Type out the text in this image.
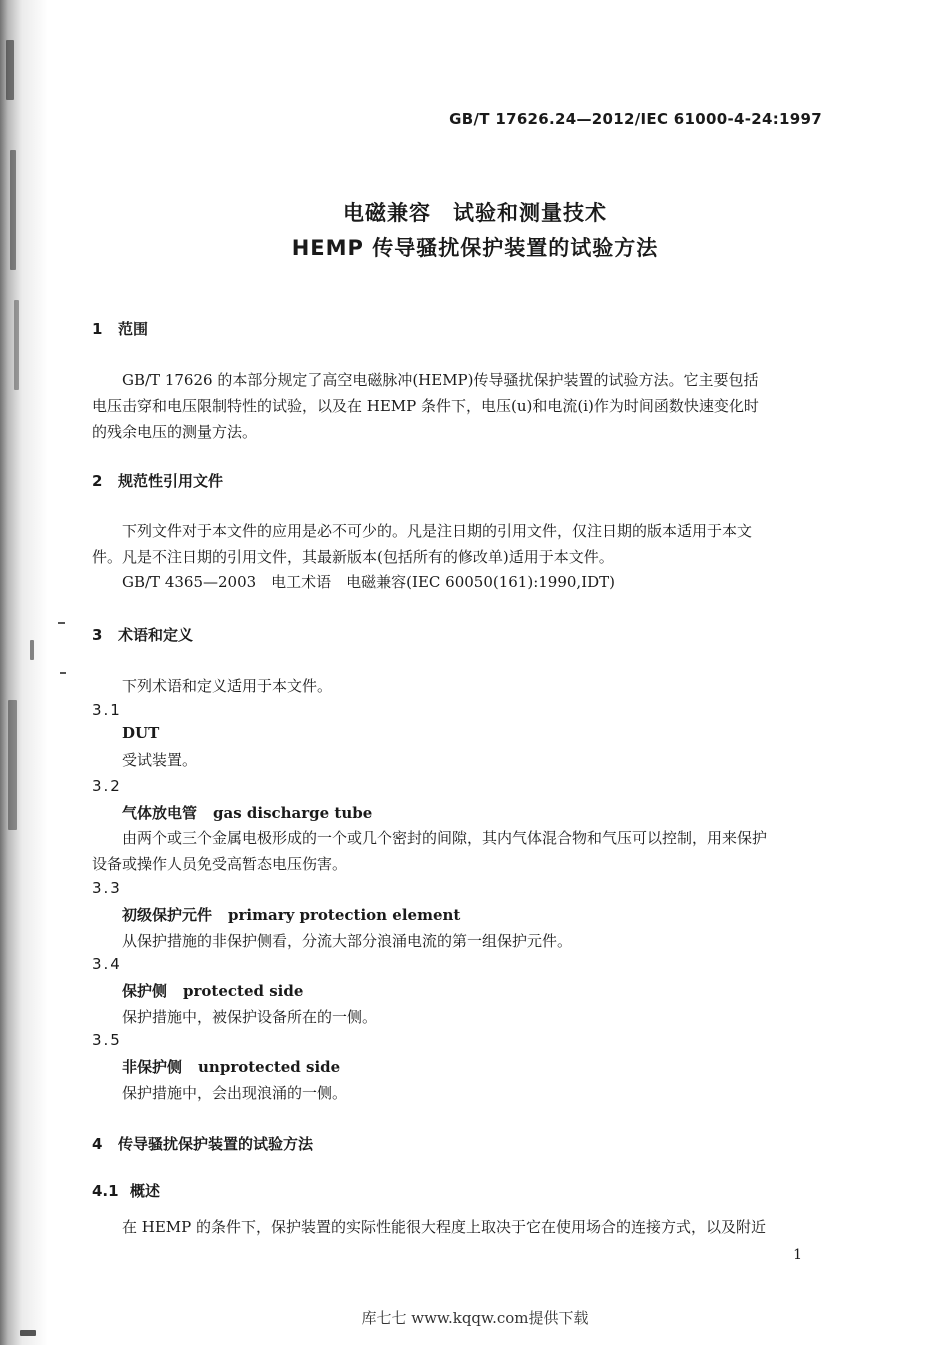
GB/T 17626.24—2012/IEC 61000-4-24:1997
电磁兼容　试验和测量技术
HEMP 传导骚扰保护装置的试验方法
1 范围
GB/T 17626 的本部分规定了高空电磁脉冲(HEMP)传导骚扰保护装置的试验方法。它主要包括
电压击穿和电压限制特性的试验，以及在 HEMP 条件下，电压(u)和电流(i)作为时间函数快速变化时
的残余电压的测量方法。
2 规范性引用文件
下列文件对于本文件的应用是必不可少的。凡是注日期的引用文件，仅注日期的版本适用于本文
件。凡是不注日期的引用文件，其最新版本(包括所有的修改单)适用于本文件。
GB/T 4365—2003　电工术语　电磁兼容(IEC 60050(161):1990,IDT)
3 术语和定义
下列术语和定义适用于本文件。
3.1
DUT
受试装置。
3.2
气体放电管 gas discharge tube
由两个或三个金属电极形成的一个或几个密封的间隙，其内气体混合物和气压可以控制，用来保护
设备或操作人员免受高暂态电压伤害。
3.3
初级保护元件 primary protection element
从保护措施的非保护侧看，分流大部分浪涌电流的第一组保护元件。
3.4
保护侧 protected side
保护措施中，被保护设备所在的一侧。
3.5
非保护侧 unprotected side
保护措施中，会出现浪涌的一侧。
4 传导骚扰保护装置的试验方法
4.1 概述
在 HEMP 的条件下，保护装置的实际性能很大程度上取决于它在使用场合的连接方式，以及附近
1
库七七 www.kqqw.com提供下载
